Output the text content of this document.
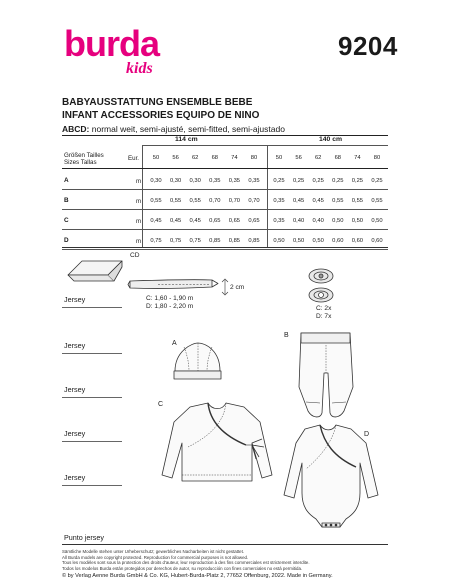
burda
kids
9204
BABYAUSSTATTUNG ENSEMBLE BEBE
INFANT ACCESSORIES EQUIPO DE NINO
ABCD: normal weit, semi-ajusté, semi-fitted, semi-ajustado
114 cm	140 cm
Größen Tailles
Sizes Tallas
Eur.	50	56	62	68	74	80	50	56	62	68	74	80
A	m	0,30	0,30	0,30	0,35	0,35	0,35	0,25	0,25	0,25	0,25	0,25	0,25
B	m	0,55	0,55	0,55	0,70	0,70	0,70	0,35	0,45	0,45	0,55	0,55	0,55
C	m	0,45	0,45	0,45	0,65	0,65	0,65	0,35	0,40	0,40	0,50	0,50	0,50
D	m	0,75	0,75	0,75	0,85	0,85	0,85	0,50	0,50	0,50	0,60	0,60	0,60
Jersey
Jersey
Jersey
Jersey
Jersey
Punto jersey
CD
2 cm
C: 1,60 - 1,90 m
D: 1,80 - 2,20 m	C: 2x
D: 7x
A
B
C
D
Sämtliche Modelle stehen unter Urheberschutz; gewerbliches Nacharbeiten ist nicht gestattet.
All Burda models are copyright protected. Reproduction for commercial purposes is not allowed.
Tous les modèles sont sous la protection des droits d'auteur, leur reproduction à des fins commerciales est strictement interdite.
Todos los modelos Burda están protegidos por derechos de autor, su reproducción con fines comerciales no está permitida.
© by Verlag Aenne Burda GmbH & Co. KG, Hubert-Burda-Platz 2, 77652 Offenburg, 2022. Made in Germany.
